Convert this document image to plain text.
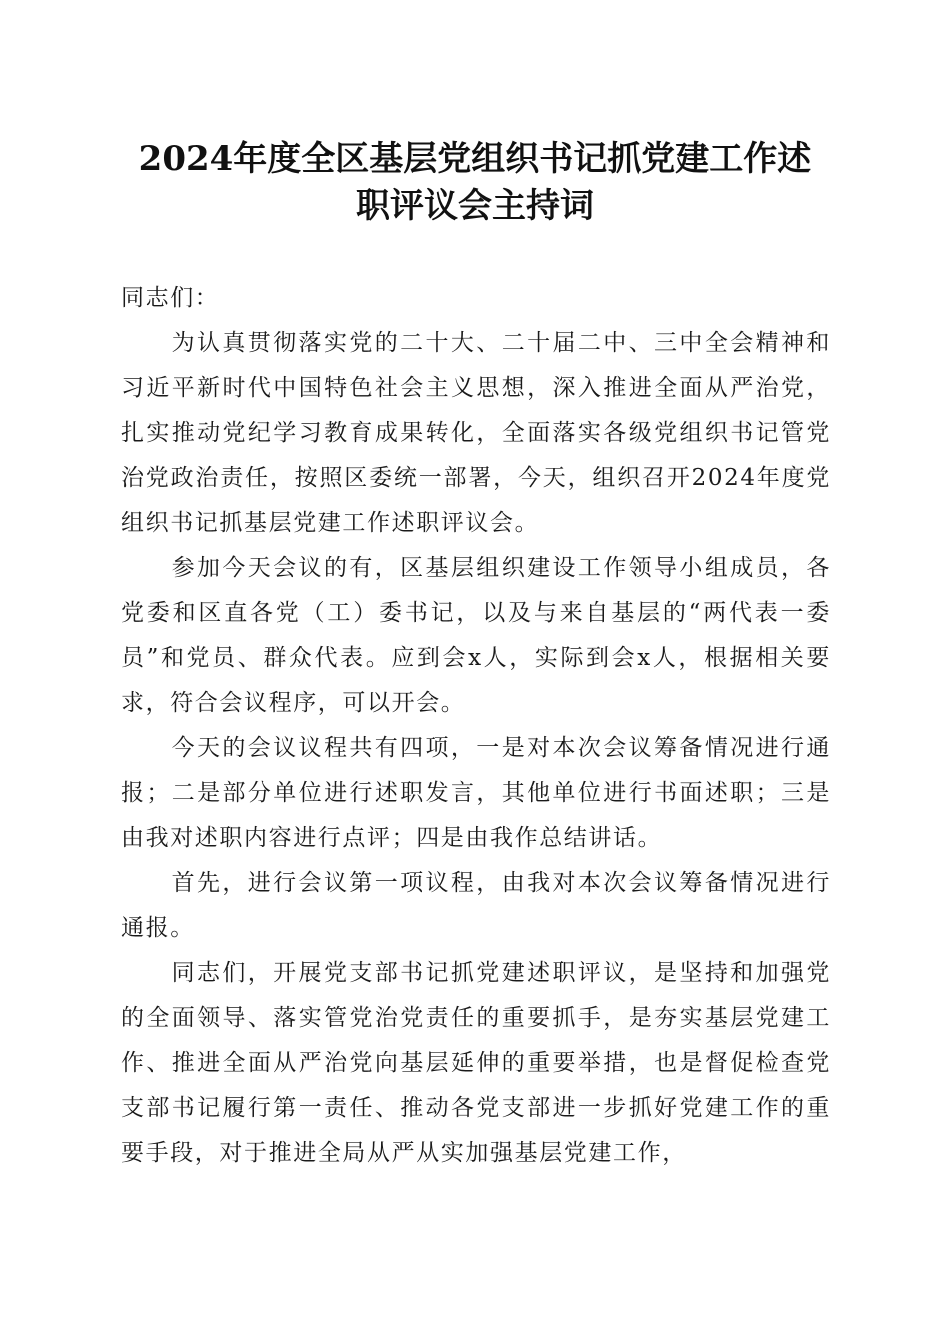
2024年度全区基层党组织书记抓党建工作述
职评议会主持词

同志们：

为认真贯彻落实党的二十大、二十届二中、三中全会精神和习近平新时代中国特色社会主义思想，深入推进全面从严治党，扎实推动党纪学习教育成果转化，全面落实各级党组织书记管党治党政治责任，按照区委统一部署，今天，组织召开2024年度党组织书记抓基层党建工作述职评议会。

参加今天会议的有，区基层组织建设工作领导小组成员，各党委和区直各党（工）委书记，以及与来自基层的“两代表一委员”和党员、群众代表。应到会x人，实际到会x人，根据相关要求，符合会议程序，可以开会。

今天的会议议程共有四项，一是对本次会议筹备情况进行通报；二是部分单位进行述职发言，其他单位进行书面述职；三是由我对述职内容进行点评；四是由我作总结讲话。

首先，进行会议第一项议程，由我对本次会议筹备情况进行通报。

同志们，开展党支部书记抓党建述职评议，是坚持和加强党的全面领导、落实管党治党责任的重要抓手，是夯实基层党建工作、推进全面从严治党向基层延伸的重要举措，也是督促检查党支部书记履行第一责任、推动各党支部进一步抓好党建工作的重要手段，对于推进全局从严从实加强基层党建工作，
